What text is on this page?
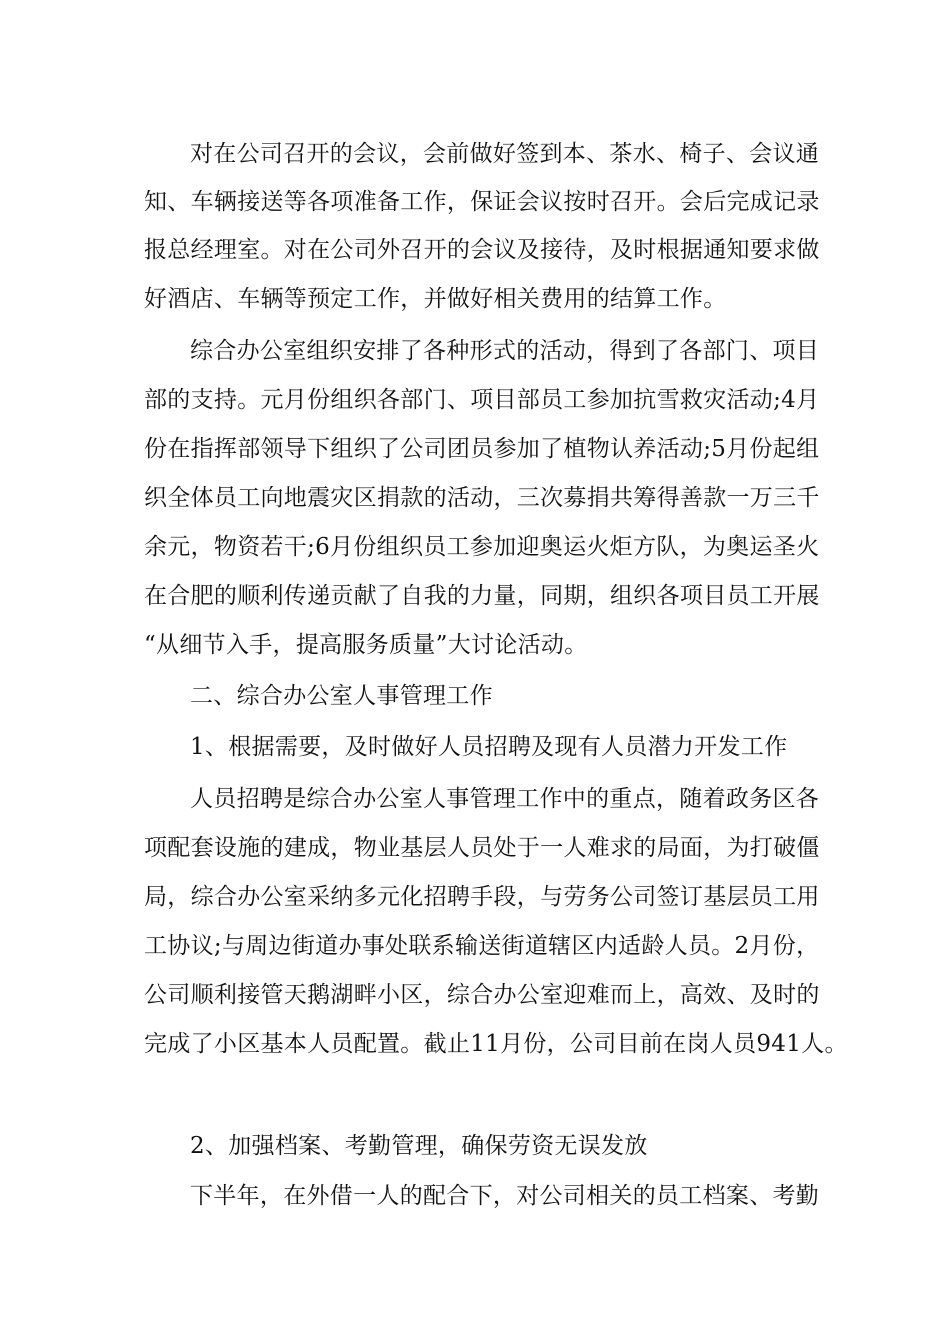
对在公司召开的会议，会前做好签到本、茶水、椅子、会议通

知、车辆接送等各项准备工作，保证会议按时召开。会后完成记录

报总经理室。对在公司外召开的会议及接待，及时根据通知要求做

好酒店、车辆等预定工作，并做好相关费用的结算工作。

综合办公室组织安排了各种形式的活动，得到了各部门、项目

部的支持。元月份组织各部门、项目部员工参加抗雪救灾活动;4月

份在指挥部领导下组织了公司团员参加了植物认养活动;5月份起组

织全体员工向地震灾区捐款的活动，三次募捐共筹得善款一万三千

余元，物资若干;6月份组织员工参加迎奥运火炬方队，为奥运圣火

在合肥的顺利传递贡献了自我的力量，同期，组织各项目员工开展

“从细节入手，提高服务质量”大讨论活动。

二、综合办公室人事管理工作

1、根据需要，及时做好人员招聘及现有人员潜力开发工作

人员招聘是综合办公室人事管理工作中的重点，随着政务区各

项配套设施的建成，物业基层人员处于一人难求的局面，为打破僵

局，综合办公室采纳多元化招聘手段，与劳务公司签订基层员工用

工协议;与周边街道办事处联系输送街道辖区内适龄人员。2月份，

公司顺利接管天鹅湖畔小区，综合办公室迎难而上，高效、及时的

完成了小区基本人员配置。截止11月份，公司目前在岗人员941人。

2、加强档案、考勤管理，确保劳资无误发放

下半年，在外借一人的配合下，对公司相关的员工档案、考勤
